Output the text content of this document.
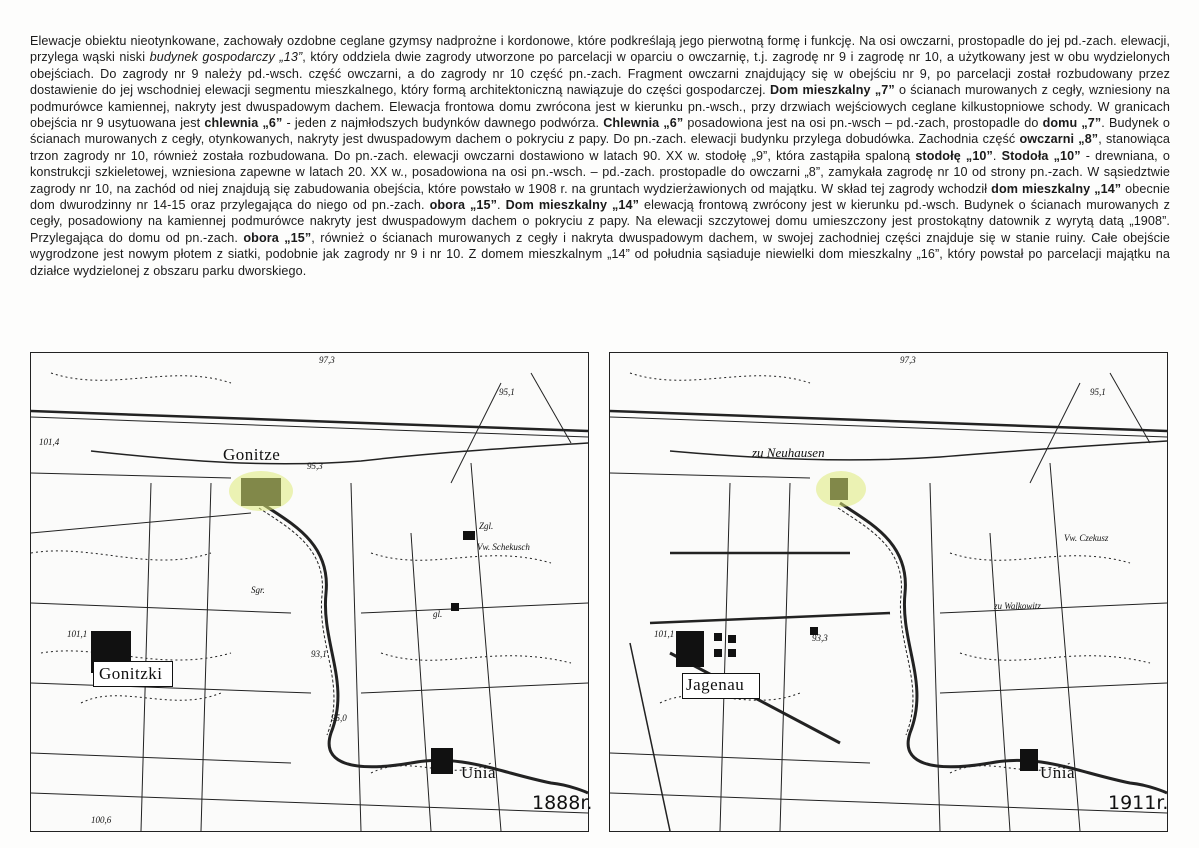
Elewacje obiektu nieotynkowane, zachowały ozdobne ceglane gzymsy nadprożne i kordonowe, które podkreślają jego pierwotną formę i funkcję. Na osi owczarni, prostopadle do jej pd.-zach. elewacji, przylega wąski niski budynek gospodarczy „13”, który oddziela dwie zagrody utworzone po parcelacji w oparciu o owczarnię, t.j. zagrodę nr 9 i zagrodę nr 10, a użytkowany jest w obu wydzielonych obejściach. Do zagrody nr 9 należy pd.-wsch. część owczarni, a do zagrody nr 10 część pn.-zach. Fragment owczarni znajdujący się w obejściu nr 9, po parcelacji został rozbudowany przez dostawienie do jej wschodniej elewacji segmentu mieszkalnego, który formą architektoniczną nawiązuje do części gospodarczej. Dom mieszkalny „7” o ścianach murowanych z cegły, wzniesiony na podmurówce kamiennej, nakryty jest dwuspadowym dachem. Elewacja frontowa domu zwrócona jest w kierunku pn.-wsch., przy drzwiach wejściowych ceglane kilkustopniowe schody. W granicach obejścia nr 9 usytuowana jest chlewnia „6” - jeden z najmłodszych budynków dawnego podwórza. Chlewnia „6” posadowiona jest na osi pn.-wsch – pd.-zach, prostopadle do domu „7”. Budynek o ścianach murowanych z cegły, otynkowanych, nakryty jest dwuspadowym dachem o pokryciu z papy. Do pn.-zach. elewacji budynku przylega dobudówka. Zachodnia część owczarni „8”, stanowiąca trzon zagrody nr 10, również została rozbudowana. Do pn.-zach. elewacji owczarni dostawiono w latach 90. XX w. stodołę „9”, która zastąpiła spaloną stodołę „10”. Stodoła „10” - drewniana, o konstrukcji szkieletowej, wzniesiona zapewne w latach 20. XX w., posadowiona na osi pn.-wsch. – pd.-zach. prostopadle do owczarni „8”, zamykała zagrodę nr 10 od strony pn.-zach. W sąsiedztwie zagrody nr 10, na zachód od niej znajdują się zabudowania obejścia, które powstało w 1908 r. na gruntach wydzierżawionych od majątku. W skład tej zagrody wchodził dom mieszkalny „14” obecnie dom dwurodzinny nr 14-15 oraz przylegająca do niego od pn.-zach. obora „15”. Dom mieszkalny „14” elewacją frontową zwrócony jest w kierunku pd.-wsch. Budynek o ścianach murowanych z cegły, posadowiony na kamiennej podmurówce nakryty jest dwuspadowym dachem o pokryciu z papy. Na elewacji szczytowej domu umieszczony jest prostokątny datownik z wyrytą datą „1908”. Przylegająca do domu od pn.-zach. obora „15”, również o ścianach murowanych z cegły i nakryta dwuspadowym dachem, w swojej zachodniej części znajduje się w stanie ruiny. Całe obejście wygrodzone jest nowym płotem z siatki, podobnie jak zagrody nr 9 i nr 10. Z domem mieszkalnym „14” od południa sąsiaduje niewielki dom mieszkalny „16”, który powstał po parcelacji majątku na działce wydzielonej z obszaru parku dworskiego.

Gonitze
Gonitzki
Unia
Vw. Schekusch
Zgl.
Sgr.
gl.
97,3
95,1
101,4
95,3
101,1
100,6
95,0
93,1
1888r.
zu Neuhausen
Jagenau
Unia
Vw. Czekusz
zu Walkowitz
97,3
95,1
101,1	93,3
1911r.
